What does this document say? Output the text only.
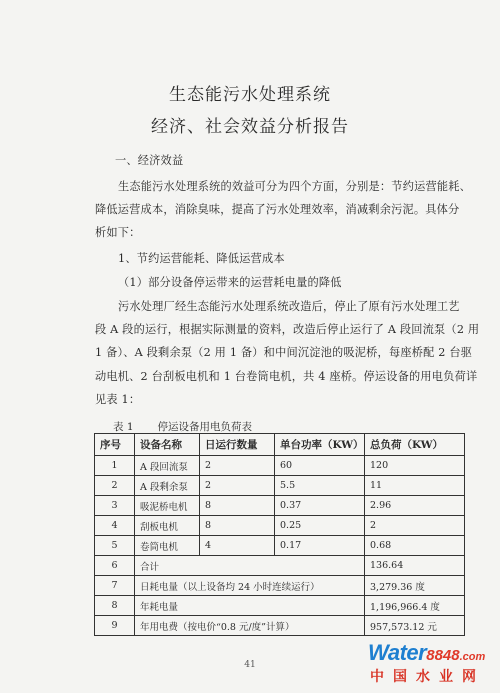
生态能污水处理系统
经济、社会效益分析报告
一、经济效益
生态能污水处理系统的效益可分为四个方面，分别是：节约运营能耗、
降低运营成本，消除臭味，提高了污水处理效率，消减剩余污泥。具体分
析如下：
1、节约运营能耗、降低运营成本
（1）部分设备停运带来的运营耗电量的降低
污水处理厂经生态能污水处理系统改造后，停止了原有污水处理工艺
段 A 段的运行，根据实际测量的资料，改造后停止运行了 A 段回流泵（2 用
1 备）、A 段剩余泵（2 用 1 备）和中间沉淀池的吸泥桥，每座桥配 2 台驱
动电机、2 台刮板电机和 1 台卷筒电机，共 4 座桥。停运设备的用电负荷详
见表 1：
表 1 停运设备用电负荷表
序号	设备名称	日运行数量	单台功率（KW）	总负荷（KW）
1	A 段回流泵	2	60	120
2	A 段剩余泵	2	5.5	11
3	吸泥桥电机	8	0.37	2.96
4	刮板电机	8	0.25	2
5	卷筒电机	4	0.17	0.68
6	合计			136.64
7	日耗电量（以上设备均 24 小时连续运行）			3,279.36 度
8	年耗电量			1,196,966.4 度
9	年用电费（按电价“0.8 元/度”计算）			957,573.12 元
41	Water8848.com
中国水业网
